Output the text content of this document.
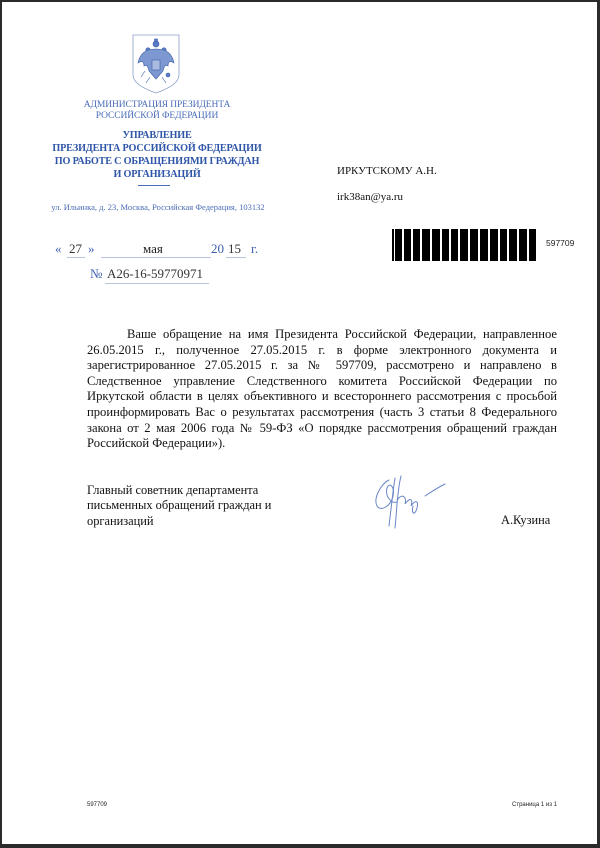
АДМИНИСТРАЦИЯ ПРЕЗИДЕНТА
РОССИЙСКОЙ ФЕДЕРАЦИИ
УПРАВЛЕНИЕ
ПРЕЗИДЕНТА РОССИЙСКОЙ ФЕДЕРАЦИИ
ПО РАБОТЕ С ОБРАЩЕНИЯМИ ГРАЖДАН
И ОРГАНИЗАЦИЙ
ул. Ильинка, д. 23, Москва, Российская Федерация, 103132
ИРКУТСКОМУ А.Н.
irk38an@ya.ru
597709
« 27 »	мая	20 15 г.
№ А26-16-59770971

Ваше обращение на имя Президента Российской Федерации, направленное 26.05.2015 г., полученное 27.05.2015 г. в форме электронного документа и зарегистрированное 27.05.2015 г. за № 597709, рассмотрено и направлено в Следственное управление Следственного комитета Российской Федерации по Иркутской области в целях объективного и всестороннего рассмотрения с просьбой проинформировать Вас о результатах рассмотрения (часть 3 статьи 8 Федерального закона от 2 мая 2006 года № 59-ФЗ «О порядке рассмотрения обращений граждан Российской Федерации»).

Главный советник департамента
письменных обращений граждан и
организаций	А.Кузина
597709	Страница 1 из 1
